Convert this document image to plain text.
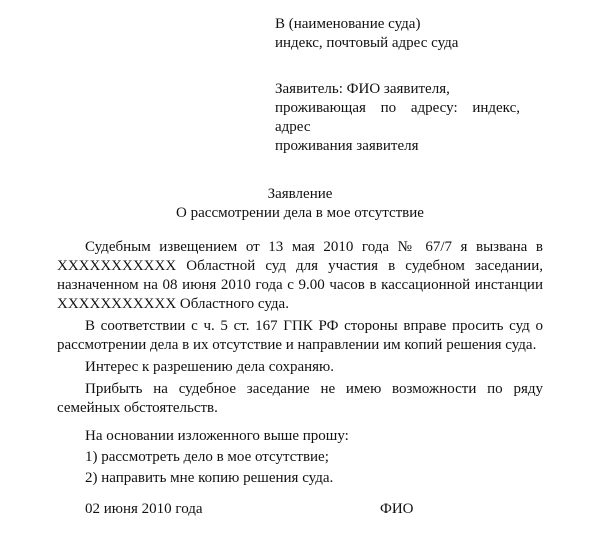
В (наименование суда)
индекс, почтовый адрес суда
Заявитель: ФИО заявителя,
проживающая по адресу: индекс, адрес
проживания заявителя
Заявление
О рассмотрении дела в мое отсутствие

Судебным извещением от 13 мая 2010 года № 67/7 я вызвана в ХХХХХХХХХХХ Областной суд для участия в судебном заседании, назначенном на 08 июня 2010 года с 9.00 часов в кассационной инстанции ХХХХХХХХХХХ Областного суда.

В соответствии с ч. 5 ст. 167 ГПК РФ стороны вправе просить суд о рассмотрении дела в их отсутствие и направлении им копий решения суда.

Интерес к разрешению дела сохраняю.

Прибыть на судебное заседание не имею возможности по ряду семейных обстоятельств.

На основании изложенного выше прошу:
1) рассмотреть дело в мое отсутствие;
2) направить мне копию решения суда.
02 июня 2010 года	ФИО
